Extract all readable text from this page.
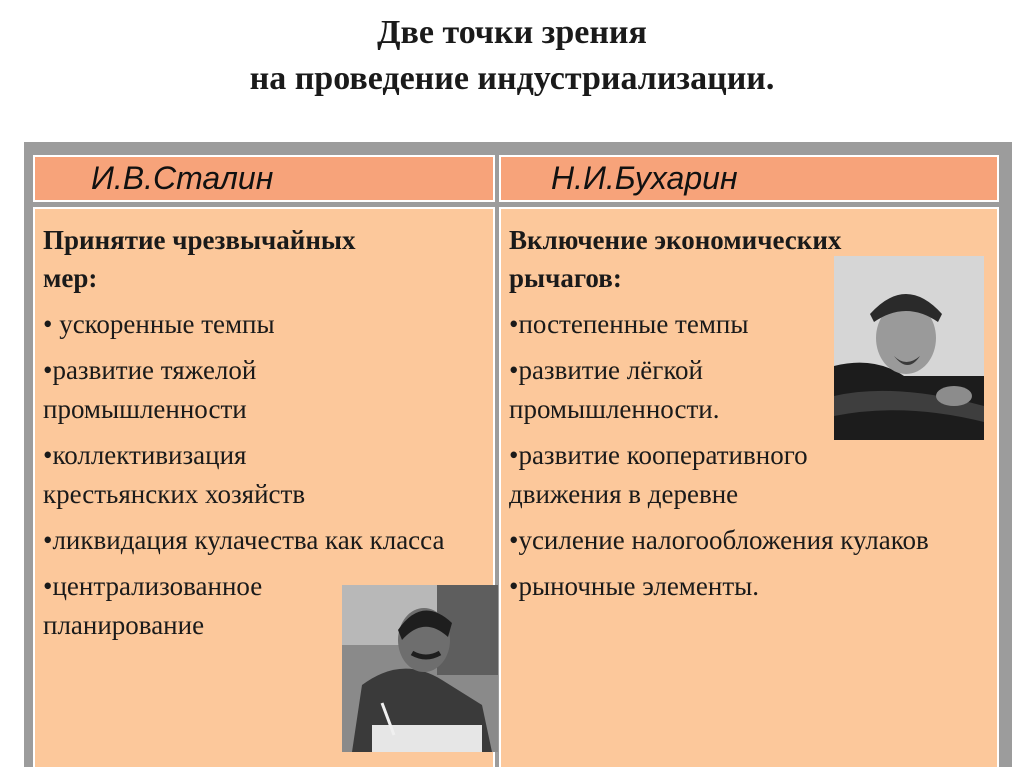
Две точки зрения
на проведение индустриализации.
И.В.Сталин	Н.И.Бухарин
Принятие чрезвычайных
мер:
• ускоренные темпы
•развитие тяжелой промышленности
•коллективизация крестьянских хозяйств
•ликвидация кулачества как класса
•централизованное планирование
Включение экономических
рычагов:
•постепенные темпы
•развитие лёгкой промышленности.
•развитие кооперативного движения в деревне
•усиление налогообложения кулаков
•рыночные элементы.
